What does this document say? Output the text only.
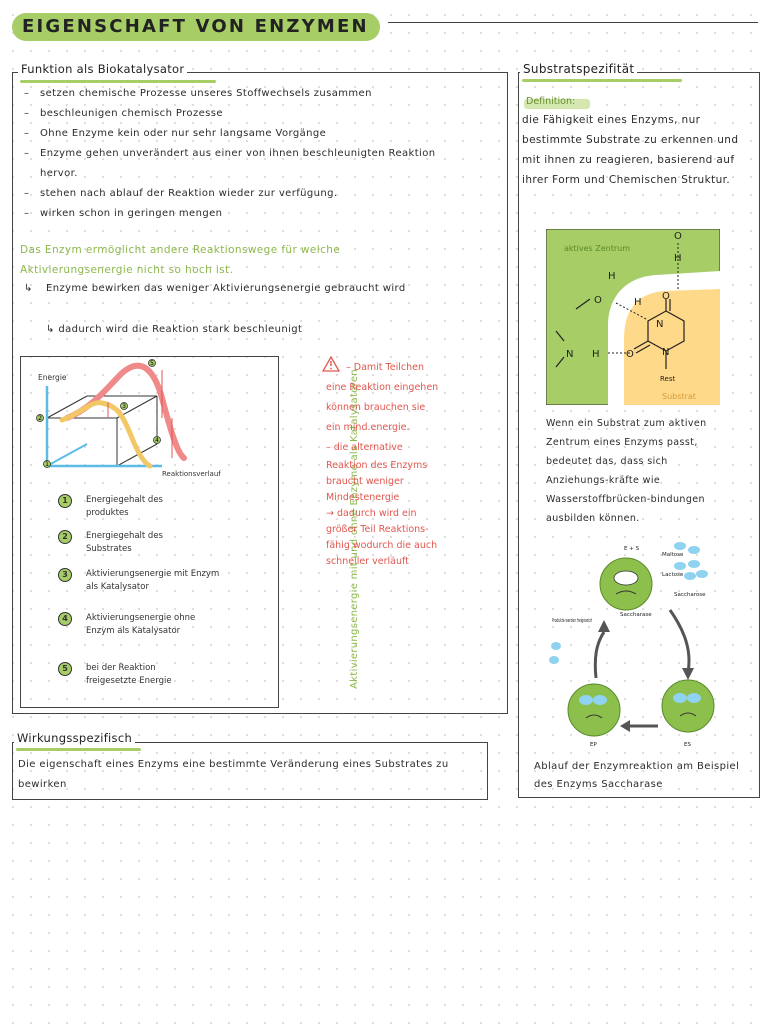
EIGENSCHAFT VON ENZYMEN
Funktion als Biokatalysator
– setzen chemische Prozesse unseres Stoffwechsels zusammen
– beschleunigen chemisch Prozesse
– Ohne Enzyme kein oder nur sehr langsame Vorgänge
– Enzyme gehen unverändert aus einer von ihnen beschleunigten Reaktion hervor.
– stehen nach ablauf der Reaktion wieder zur verfügung.
– wirken schon in geringen mengen
Das Enzym ermöglicht andere Reaktionswege für welche Aktivierungsenergie nicht so hoch ist.
↳	Enzyme bewirken das weniger Aktivierungsenergie gebraucht wird
↳ dadurch wird die Reaktion stark beschleunigt
5
2
3
1
4
Energie
Reaktionsverlauf
1	Energiegehalt des produktes
2	Energiegehalt des Substrates
3	Aktivierungsenergie mit Enzym als Katalysator
4	Aktivierungsenergie ohne Enzym als Katalysator
5	bei der Reaktion freigesetzte Energie	Aktivierungsenergie mit und ohne Enzyme als Katalysatoren
– Damit Teilchen
eine Reaktion eingehen
können brauchen sie
ein mind.energie.
– die alternative
Reaktion des Enzyms
braucht weniger
Mindestenergie
→ dadurch wird ein
größer Teil Reaktions-
fähig wodurch die auch
schneller verläuft
Wirkungsspezifisch
Die eigenschaft eines Enzyms eine bestimmte Veränderung eines Substrates zu bewirken
Substratspezifität
Definition:
die Fähigkeit eines Enzyms, nur bestimmte Substrate zu erkennen und mit ihnen zu reagieren, basierend auf ihrer Form und Chemischen Struktur.
O
H
H
O	H
O
N
O
N H	N
aktives Zentrum
Rest
Substrat
Wenn ein Substrat zum aktiven Zentrum eines Enzyms passt, bedeutet das, dass sich Anziehungs-kräfte wie Wasserstoffbrücken-bindungen ausbilden können.
E + S
Maltose
Lactose
Saccharose
Saccharase
Produkte werden freigesetzt
EP	ES
Ablauf der Enzymreaktion am Beispiel des Enzyms Saccharase
